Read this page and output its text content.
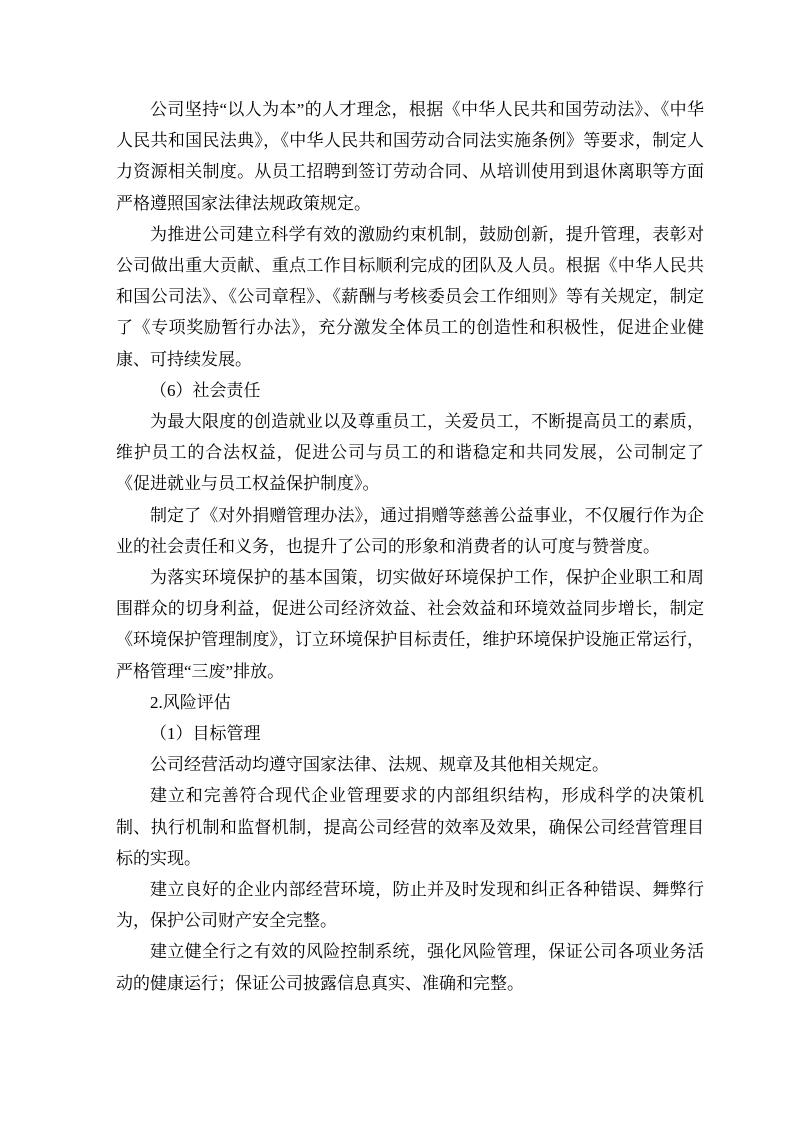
公司坚持“以人为本”的人才理念，根据《中华人民共和国劳动法》、《中华人民共和国民法典》，《中华人民共和国劳动合同法实施条例》等要求，制定人力资源相关制度。从员工招聘到签订劳动合同、从培训使用到退休离职等方面严格遵照国家法律法规政策规定。

为推进公司建立科学有效的激励约束机制，鼓励创新，提升管理，表彰对公司做出重大贡献、重点工作目标顺利完成的团队及人员。根据《中华人民共和国公司法》、《公司章程》、《薪酬与考核委员会工作细则》等有关规定，制定了《专项奖励暂行办法》，充分激发全体员工的创造性和积极性，促进企业健康、可持续发展。

（6）社会责任

为最大限度的创造就业以及尊重员工，关爱员工，不断提高员工的素质，维护员工的合法权益，促进公司与员工的和谐稳定和共同发展，公司制定了《促进就业与员工权益保护制度》。

制定了《对外捐赠管理办法》，通过捐赠等慈善公益事业，不仅履行作为企业的社会责任和义务，也提升了公司的形象和消费者的认可度与赞誉度。

为落实环境保护的基本国策，切实做好环境保护工作，保护企业职工和周围群众的切身利益，促进公司经济效益、社会效益和环境效益同步增长，制定《环境保护管理制度》，订立环境保护目标责任，维护环境保护设施正常运行，严格管理“三废”排放。

2.风险评估

（1）目标管理

公司经营活动均遵守国家法律、法规、规章及其他相关规定。

建立和完善符合现代企业管理要求的内部组织结构，形成科学的决策机制、执行机制和监督机制，提高公司经营的效率及效果，确保公司经营管理目标的实现。

建立良好的企业内部经营环境，防止并及时发现和纠正各种错误、舞弊行为，保护公司财产安全完整。

建立健全行之有效的风险控制系统，强化风险管理，保证公司各项业务活动的健康运行；保证公司披露信息真实、准确和完整。
